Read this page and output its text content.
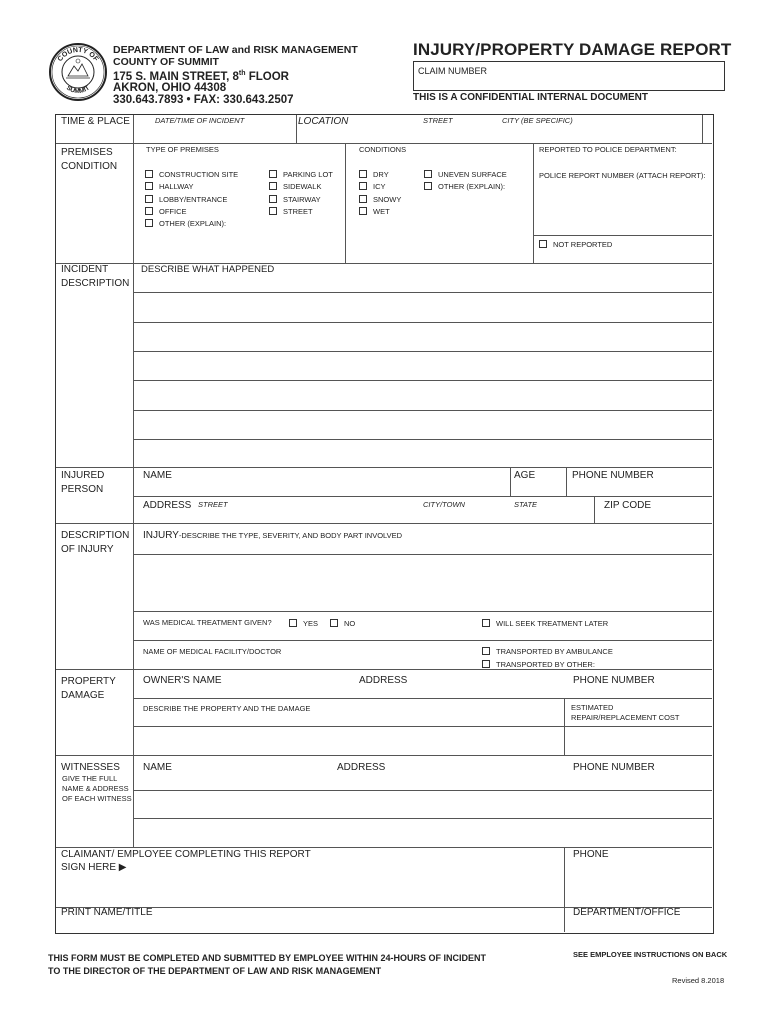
COUNTY OF
SUMMIT
DEPARTMENT OF LAW and RISK MANAGEMENT
COUNTY OF SUMMIT
175 S. MAIN STREET, 8th FLOOR
AKRON, OHIO 44308
330.643.7893 • FAX: 330.643.2507
INJURY/PROPERTY DAMAGE REPORT
CLAIM NUMBER
THIS IS A CONFIDENTIAL INTERNAL DOCUMENT
TIME & PLACE	DATE/TIME OF INCIDENT	LOCATION	STREET	CITY (BE SPECIFIC)
PREMISES
CONDITION
TYPE OF PREMISES
CONSTRUCTION SITE
HALLWAY
LOBBY/ENTRANCE
OFFICE
OTHER (EXPLAIN):
PARKING LOT
SIDEWALK
STAIRWAY
STREET
CONDITIONS
DRY
ICY
SNOWY
WET
UNEVEN SURFACE
OTHER (EXPLAIN):
REPORTED TO POLICE DEPARTMENT:
POLICE REPORT NUMBER (ATTACH REPORT):
NOT REPORTED
INCIDENT
DESCRIPTION
DESCRIBE WHAT HAPPENED
INJURED
PERSON
NAME	AGE	PHONE NUMBER
ADDRESS STREET	CITY/TOWN	STATE	ZIP CODE
DESCRIPTION
OF INJURY
INJURY-DESCRIBE THE TYPE, SEVERITY, AND BODY PART INVOLVED
WAS MEDICAL TREATMENT GIVEN?	YES	NO	WILL SEEK TREATMENT LATER
NAME OF MEDICAL FACILITY/DOCTOR	TRANSPORTED BY AMBULANCE
TRANSPORTED BY OTHER:
PROPERTY
DAMAGE
OWNER'S NAME	ADDRESS	PHONE NUMBER
DESCRIBE THE PROPERTY AND THE DAMAGE	ESTIMATED
REPAIR/REPLACEMENT COST
WITNESSES
GIVE THE FULL
NAME & ADDRESS
OF EACH WITNESS
NAME	ADDRESS	PHONE NUMBER
CLAIMANT/ EMPLOYEE COMPLETING THIS REPORT
SIGN HERE ▶
PHONE
PRINT NAME/TITLE	DEPARTMENT/OFFICE
THIS FORM MUST BE COMPLETED AND SUBMITTED BY EMPLOYEE WITHIN 24-HOURS OF INCIDENT
TO THE DIRECTOR OF THE DEPARTMENT OF LAW AND RISK MANAGEMENT
SEE EMPLOYEE INSTRUCTIONS ON BACK
Revised 8.2018
